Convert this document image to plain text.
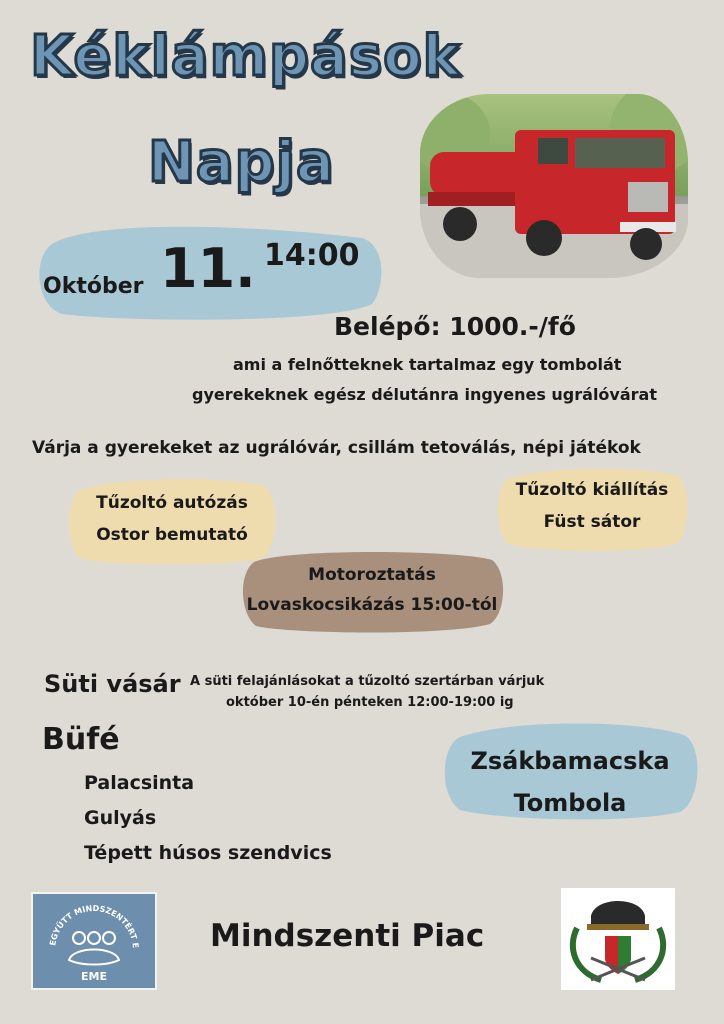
Kéklámpások
Napja
Október 11. 14:00
Belépő: 1000.-/fő
ami a felnőtteknek tartalmaz egy tombolát
gyerekeknek egész délutánra ingyenes ugrálóvárat
Várja a gyerekeket az ugrálóvár, csillám tetoválás, népi játékok
Tűzoltó autózás
Ostor bemutató
Tűzoltó kiállítás
Füst sátor
Motoroztatás
Lovaskocsikázás 15:00-tól
Süti vásár A süti felajánlásokat a tűzoltó szertárban várjuk
október 10-én pénteken 12:00-19:00 ig
Büfé
Palacsinta
Gulyás
Tépett húsos szendvics
Zsákbamacska
Tombola
EGYÜTT MINDSZENTÉRT E
EME
Mindszenti Piac
